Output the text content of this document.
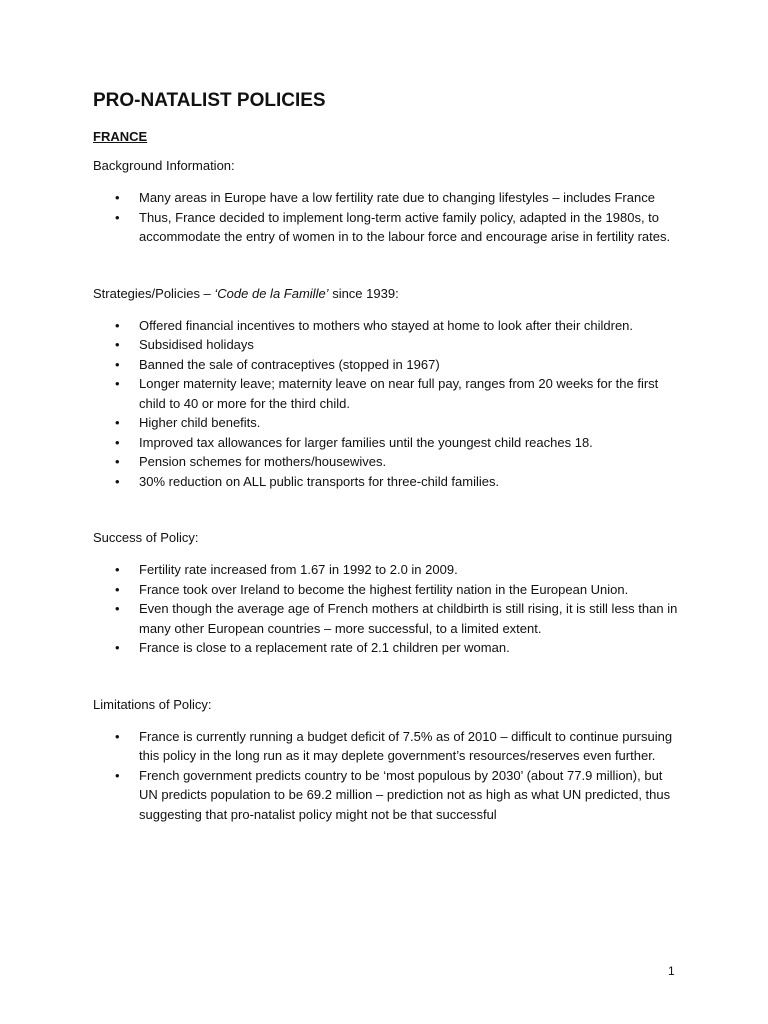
PRO-NATALIST POLICIES
FRANCE
Background Information:
• Many areas in Europe have a low fertility rate due to changing lifestyles – includes France
• Thus, France decided to implement long-term active family policy, adapted in the 1980s, to accommodate the entry of women in to the labour force and encourage arise in fertility rates.
Strategies/Policies – ‘Code de la Famille’ since 1939:
• Offered financial incentives to mothers who stayed at home to look after their children.
• Subsidised holidays
• Banned the sale of contraceptives (stopped in 1967)
• Longer maternity leave; maternity leave on near full pay, ranges from 20 weeks for the first child to 40 or more for the third child.
• Higher child benefits.
• Improved tax allowances for larger families until the youngest child reaches 18.
• Pension schemes for mothers/housewives.
• 30% reduction on ALL public transports for three-child families.
Success of Policy:
• Fertility rate increased from 1.67 in 1992 to 2.0 in 2009.
• France took over Ireland to become the highest fertility nation in the European Union.
• Even though the average age of French mothers at childbirth is still rising, it is still less than in many other European countries – more successful, to a limited extent.
• France is close to a replacement rate of 2.1 children per woman.
Limitations of Policy:
• France is currently running a budget deficit of 7.5% as of 2010 – difficult to continue pursuing this policy in the long run as it may deplete government’s resources/reserves even further.
• French government predicts country to be ‘most populous by 2030’ (about 77.9 million), but UN predicts population to be 69.2 million – prediction not as high as what UN predicted, thus suggesting that pro-natalist policy might not be that successful
1
